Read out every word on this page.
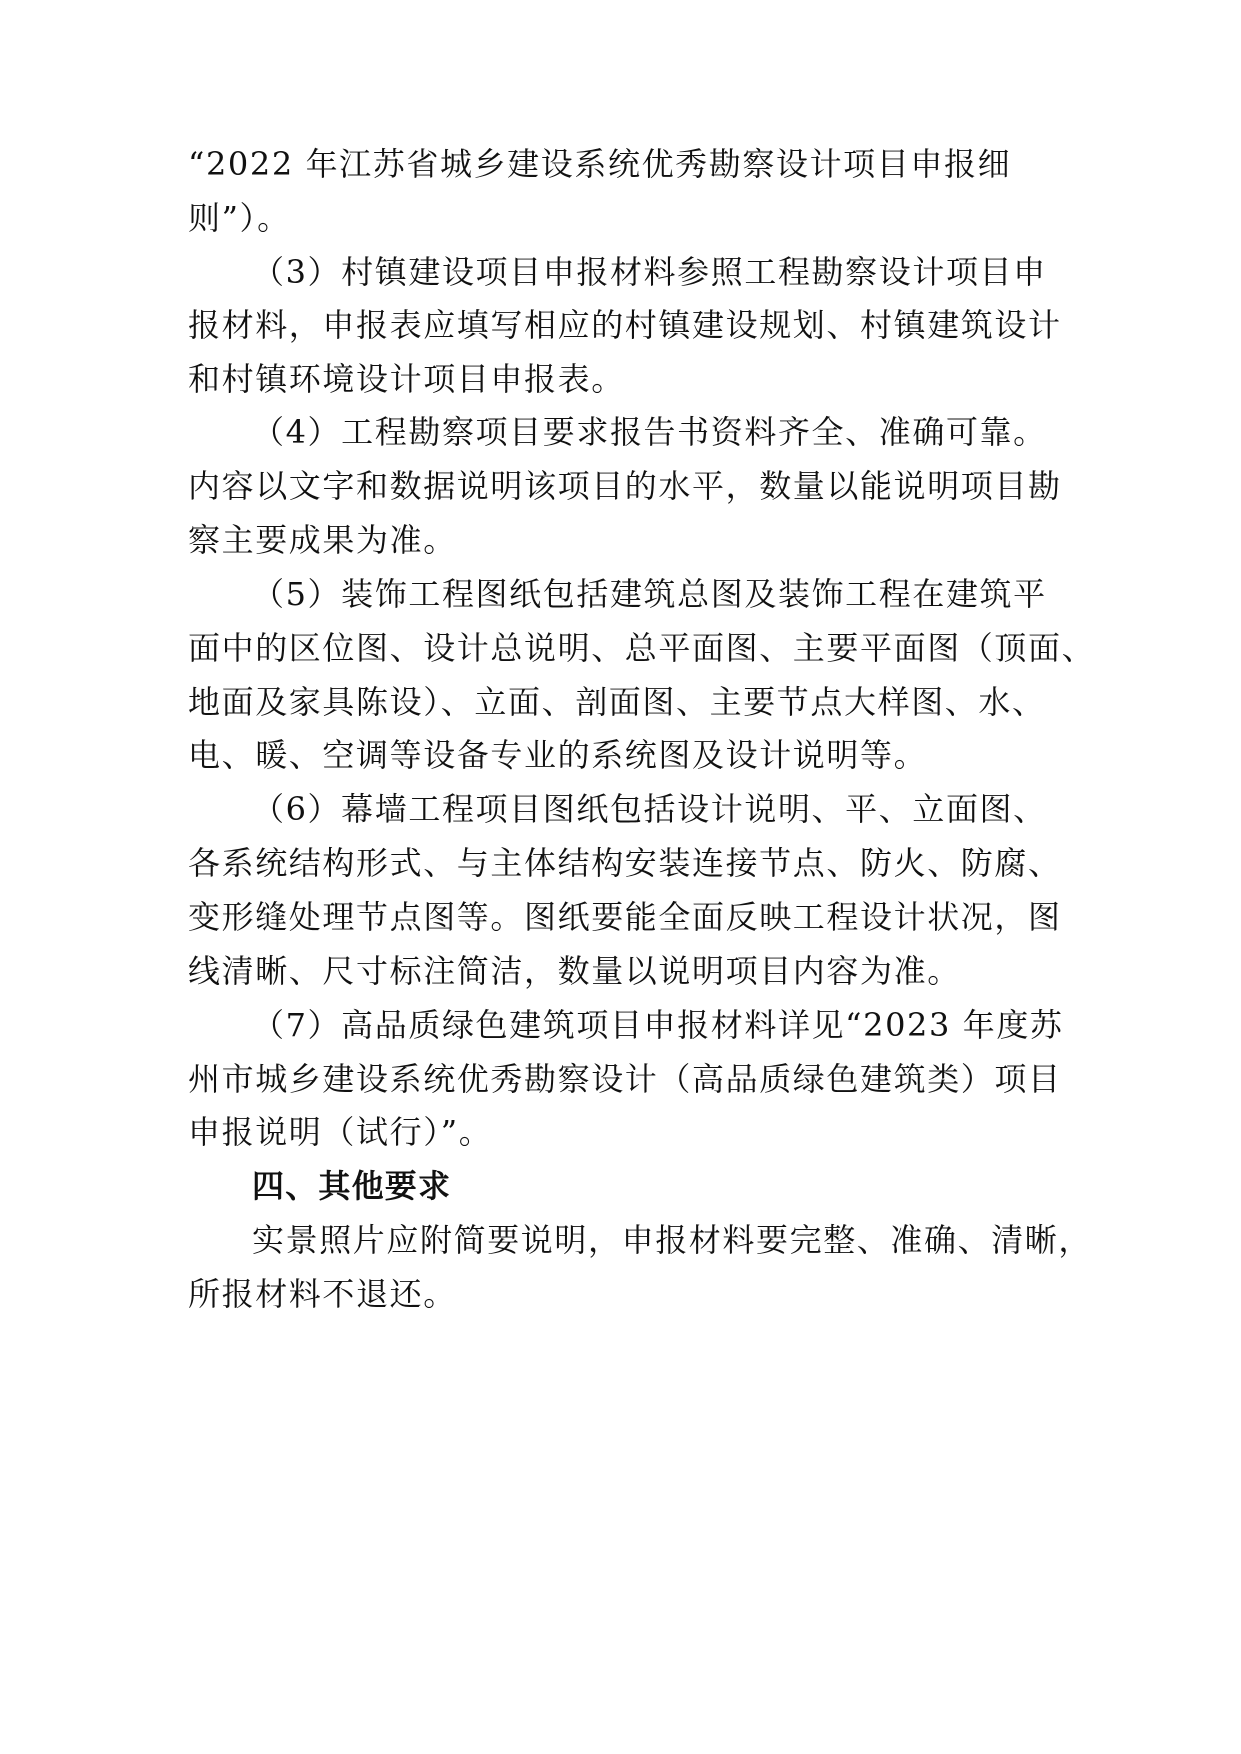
“2022 年江苏省城乡建设系统优秀勘察设计项目申报细
则”）。
（3）村镇建设项目申报材料参照工程勘察设计项目申
报材料，申报表应填写相应的村镇建设规划、村镇建筑设计
和村镇环境设计项目申报表。
（4）工程勘察项目要求报告书资料齐全、准确可靠。
内容以文字和数据说明该项目的水平，数量以能说明项目勘
察主要成果为准。
（5）装饰工程图纸包括建筑总图及装饰工程在建筑平
面中的区位图、设计总说明、总平面图、主要平面图（顶面、
地面及家具陈设）、立面、剖面图、主要节点大样图、水、
电、暖、空调等设备专业的系统图及设计说明等。
（6）幕墙工程项目图纸包括设计说明、平、立面图、
各系统结构形式、与主体结构安装连接节点、防火、防腐、
变形缝处理节点图等。图纸要能全面反映工程设计状况，图
线清晰、尺寸标注简洁，数量以说明项目内容为准。
（7）高品质绿色建筑项目申报材料详见“2023 年度苏
州市城乡建设系统优秀勘察设计（高品质绿色建筑类）项目
申报说明（试行）”。
四、其他要求
实景照片应附简要说明，申报材料要完整、准确、清晰，
所报材料不退还。
